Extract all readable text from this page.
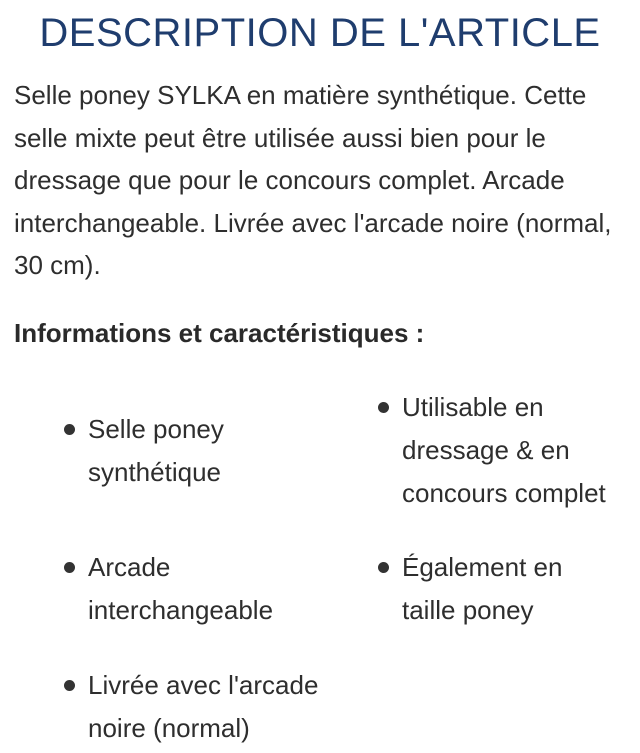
DESCRIPTION DE L'ARTICLE

Selle poney SYLKA en matière synthétique. Cette selle mixte peut être utilisée aussi bien pour le dressage que pour le concours complet. Arcade interchangeable. Livrée avec l'arcade noire (normal, 30 cm).

Informations et caractéristiques :
Selle poney
synthétique
Utilisable en
dressage & en
concours complet
Arcade
interchangeable
Également en
taille poney
Livrée avec l'arcade
noire (normal)
